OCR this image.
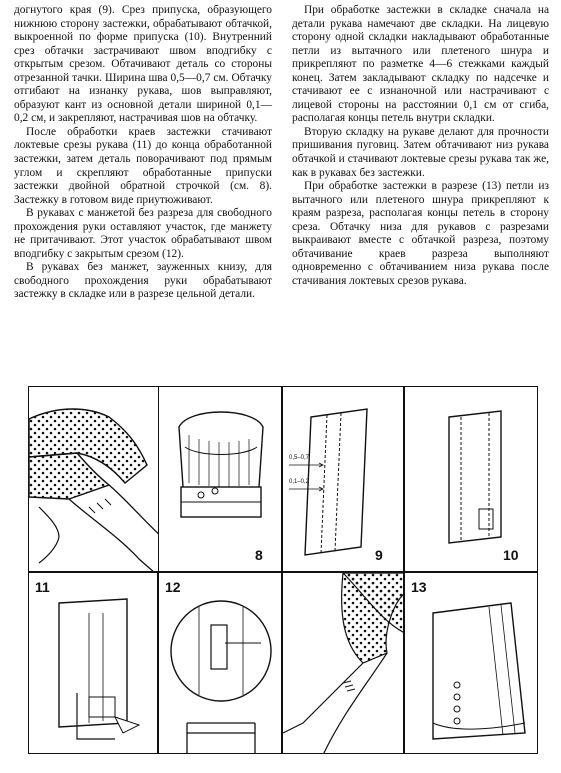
догнутого края (9). Срез припуска, образующего нижнюю сторону застежки, обрабатывают обтачкой, выкроенной по форме припуска (10). Внутренний срез обтачки застрачивают швом вподгибку с открытым срезом. Обтачивают деталь со стороны отрезанной тачки. Ширина шва 0,5—0,7 см. Обтачку отгибают на изнанку рукава, шов выправляют, образуют кант из основной детали шириной 0,1—0,2 см, и закрепляют, настрачивая шов на обтачку.

После обработки краев застежки стачивают локтевые срезы рукава (11) до конца обработанной застежки, затем деталь поворачивают под прямым углом и скрепляют обработанные припуски застежки двойной обратной строчкой (см. 8). Застежку в готовом виде приутюживают.

В рукавах с манжетой без разреза для свободного прохождения руки оставляют участок, где манжету не притачивают. Этот участок обрабатывают швом вподгибку с закрытым срезом (12).

В рукавах без манжет, зауженных книзу, для свободного прохождения руки обрабатывают застежку в складке или в разрезе цельной детали.

При обработке застежки в складке сначала на детали рукава намечают две складки. На лицевую сторону одной складки накладывают обработанные петли из вытачного или плетеного шнура и прикрепляют по разметке 4—6 стежками каждый конец. Затем закладывают складку по надсечке и стачивают ее с изнаночной или настрачивают с лицевой стороны на расстоянии 0,1 см от сгиба, располагая концы петель внутри складки.

Вторую складку на рукаве делают для прочности пришивания пуговиц. Затем обтачивают низ рукава обтачкой и стачивают локтевые срезы рукава так же, как в рукавах без застежки.

При обработке застежки в разрезе (13) петли из вытачного или плетеного шнура прикрепляют к краям разреза, располагая концы петель в сторону среза. Обтачку низа для рукавов с разрезами выкраивают вместе с обтачкой разреза, поэтому обтачивание краев разреза выполняют одновременно с обтачиванием низа рукава после стачивания локтевых срезов рукава.

8
0,5–0,7
0,1–0,2
9	10
11	12	13
